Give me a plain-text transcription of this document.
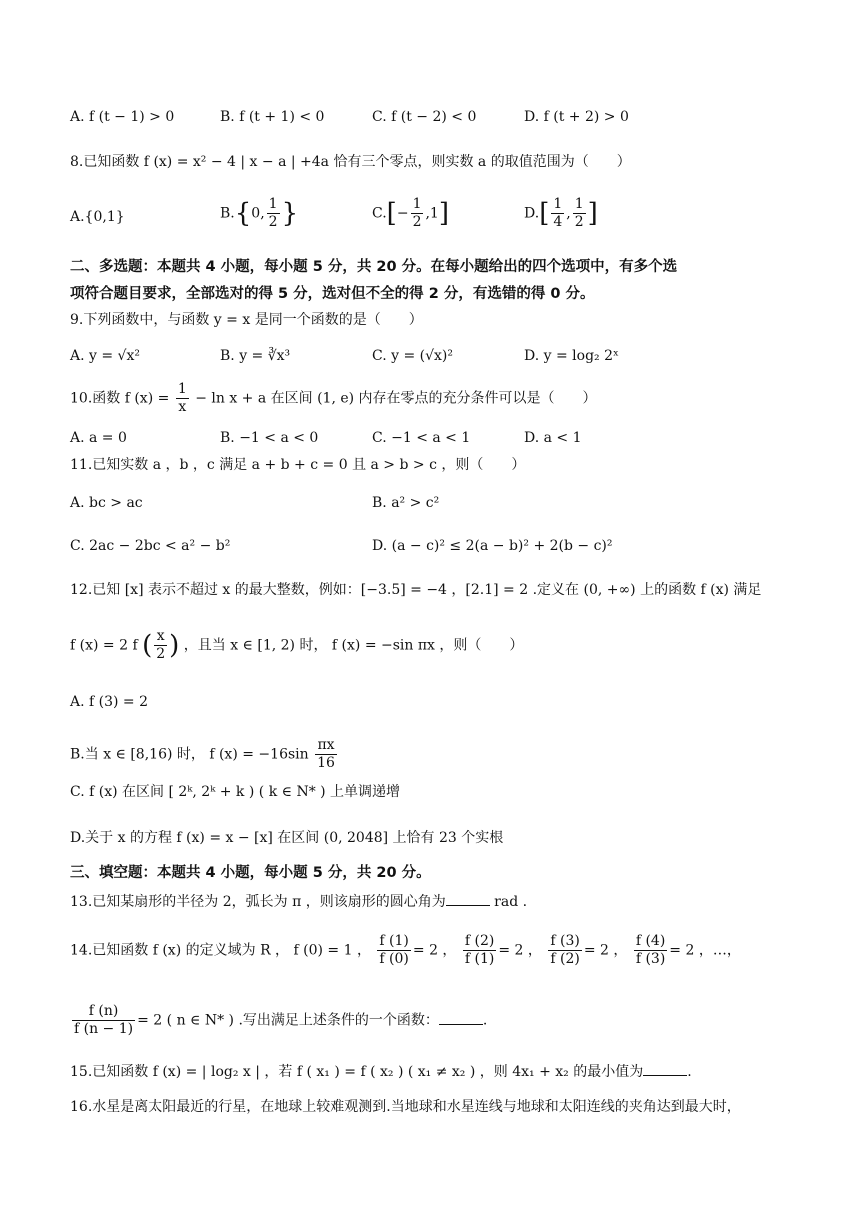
A. f (t − 1) > 0	B. f (t + 1) < 0	C. f (t − 2) < 0	D. f (t + 2) > 0
8.已知函数 f (x) = x² − 4 | x − a | +4a 恰有三个零点，则实数 a 的取值范围为（　　）
A.{0,1}	B.{0, $\frac{1}{2}$ }	$C.[- \frac{1}{2} ,1]$	$D.[ \frac{1}{4}$ , $\frac{1}{2}$ ]
二、多选题：本题共 4 小题，每小题 5 分，共 20 分。在每小题给出的四个选项中，有多个选
项符合题目要求，全部选对的得 5 分，选对但不全的得 2 分，有选错的得 0 分。
9.下列函数中，与函数 y = x 是同一个函数的是（　　）
A. y = √x²	B. y = ∛x³	C. y = (√x)²	D. y = log₂ 2ˣ
10.函数 f $(x) = \frac{1}{x} - \ln x + a$ 在区间 (1, e) 内存在零点的充分条件可以是（　　）
A. a = 0	B. −1 < a < 0	C. −1 < a < 1	D. a < 1
11.已知实数 a ，b ，c 满足 a + b + c = 0 且 a > b > c ，则（　　）
A. bc > ac	B. a² > c²
C. 2ac − 2bc < a² − b²	D. (a − c)² ≤ 2(a − b)² + 2(b − c)²
12.已知 [x] 表示不超过 x 的最大整数，例如：[−3.5] = −4 ，[2.1] = 2 .定义在 (0, +∞) 上的函数 f (x) 满足
f (x) = 2 f ( $\frac{x}{2}$ ) ，且当 x ∈ [1, 2) 时， f (x) = −sin πx ，则（　　）
A. f (3) = 2
B.当 x ∈ [8,16) 时， f $(x) = -16\sin \frac{\pi x}{16}$
C. f (x) 在区间 [ 2ᵏ, 2ᵏ + k ) ( k ∈ N* ) 上单调递增
D.关于 x 的方程 f (x) = x − [x] 在区间 (0, 2048] 上恰有 23 个实根
三、填空题：本题共 4 小题，每小题 5 分，共 20 分。
13.已知某扇形的半径为 2，弧长为 π ，则该扇形的圆心角为	rad .
14.已知函数 f (x) 的定义域为 R ， f (0) = 1 ， $\frac{f (1)}{f (0)} = 2$ ， $\frac{f (2)}{f (1)} = 2$ ， $\frac{f (3)}{f (2)} = 2$ ， $\frac{f (4)}{f (3)} = 2$ ，…，
$\frac{f (n)}{f (n - 1)} = 2$ ( n ∈ N* ) .写出满足上述条件的一个函数：	.
15.已知函数 f (x) = | log₂ x | ，若 f ( x₁ ) = f ( x₂ ) ( x₁ ≠ x₂ ) ，则 4x₁ + x₂ 的最小值为	.
16.水星是离太阳最近的行星，在地球上较难观测到.当地球和水星连线与地球和太阳连线的夹角达到最大时，
